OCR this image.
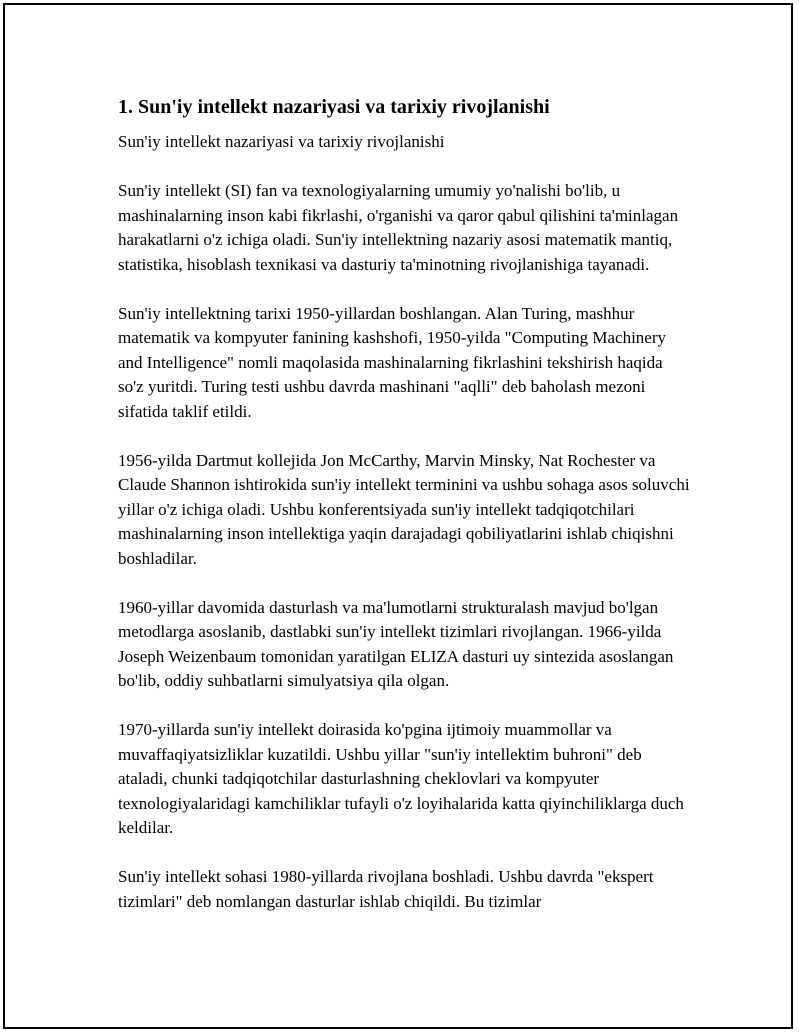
1. Sun'iy intellekt nazariyasi va tarixiy rivojlanishi

Sun'iy intellekt nazariyasi va tarixiy rivojlanishi

Sun'iy intellekt (SI) fan va texnologiyalarning umumiy yo'nalishi bo'lib, u mashinalarning inson kabi fikrlashi, o'rganishi va qaror qabul qilishini ta'minlagan harakatlarni o'z ichiga oladi. Sun'iy intellektning nazariy asosi matematik mantiq, statistika, hisoblash texnikasi va dasturiy ta'minotning rivojlanishiga tayanadi.

Sun'iy intellektning tarixi 1950-yillardan boshlangan. Alan Turing, mashhur matematik va kompyuter fanining kashshofi, 1950-yilda "Computing Machinery and Intelligence" nomli maqolasida mashinalarning fikrlashini tekshirish haqida so'z yuritdi. Turing testi ushbu davrda mashinani "aqlli" deb baholash mezoni sifatida taklif etildi.

1956-yilda Dartmut kollejida Jon McCarthy, Marvin Minsky, Nat Rochester va Claude Shannon ishtirokida sun'iy intellekt terminini va ushbu sohaga asos soluvchi yillar o'z ichiga oladi. Ushbu konferentsiyada sun'iy intellekt tadqiqotchilari mashinalarning inson intellektiga yaqin darajadagi qobiliyatlarini ishlab chiqishni boshladilar.

1960-yillar davomida dasturlash va ma'lumotlarni strukturalash mavjud bo'lgan metodlarga asoslanib, dastlabki sun'iy intellekt tizimlari rivojlangan. 1966-yilda Joseph Weizenbaum tomonidan yaratilgan ELIZA dasturi uy sintezida asoslangan bo'lib, oddiy suhbatlarni simulyatsiya qila olgan.

1970-yillarda sun'iy intellekt doirasida ko'pgina ijtimoiy muammollar va muvaffaqiyatsizliklar kuzatildi. Ushbu yillar "sun'iy intellektim buhroni" deb ataladi, chunki tadqiqotchilar dasturlashning cheklovlari va kompyuter texnologiyalaridagi kamchiliklar tufayli o'z loyihalarida katta qiyinchiliklarga duch keldilar.

Sun'iy intellekt sohasi 1980-yillarda rivojlana boshladi. Ushbu davrda "ekspert tizimlari" deb nomlangan dasturlar ishlab chiqildi. Bu tizimlar
